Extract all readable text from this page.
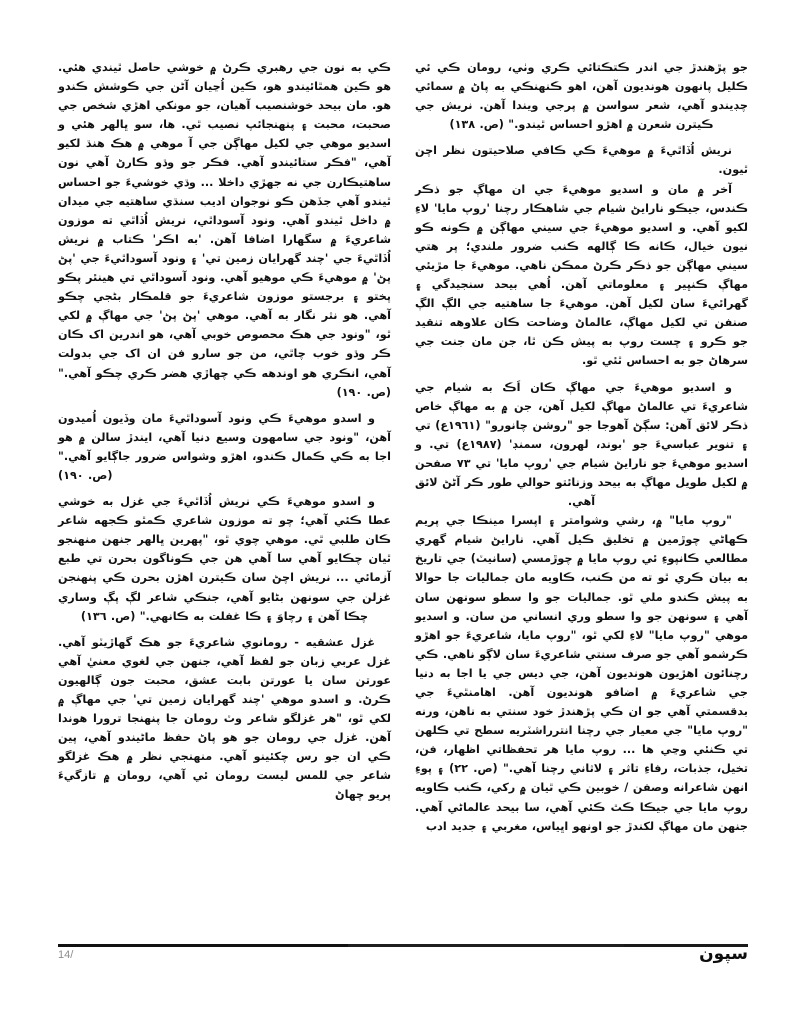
ڪي به نون جي رهبري ڪرڻ ۾ خوشي حاصل ٿيندي هئي. هو ڪين همٿائيندو هو، ڪين اُڃيان آڻن جي ڪوشش ڪندو هو. مان بيحد خوشنصيب آهيان، جو مونکي اهڙي شخص جي صحبت، محبت ۽ پنهنجائپ نصيب ٿي. ها، سو ڀالهر هئي و اسديو موهي جي لکيل مهاڳن جي آ موهي ۾ هڪ هنڌ لکيو آهي، "فڪر ستائيندو آهي. فڪر جو وڌو ڪارڻ آهي نون ساهتيڪارن جي نه جهڙي داخلا ... وڌي خوشيءَ جو احساس ٿيندو آهي جڏهن ڪو نوجوان اديب سنڌي ساهتيه جي ميدان ۾ داخل ٿيندو آهي. ونود آسوداٿي، نريش اُڏاٿي ته موزون شاعريءَ ۾ سگهارا اضافا آهن. 'به اڪر' ڪتاب ۾ نريش اُڏاٿيءَ جي 'چند گهرايان زمين تي' ۽ ونود آسوداٿيءَ جي 'پڻ پڻ' ۾ موهيءَ ڪي موهيو آهي. ونود آسوداٿي تي هينئر پڪو پختو ۽ برجستو موزون شاعريءَ جو قلمڪار بڻجي چڪو آهي. هو نثر نگار به آهي. موهي 'پڻ پڻ' جي مهاڳ ۾ لکي ٿو، "ونود جي هڪ محصوص خوبي آهي، هو اندرين اک ڪان ڪر وڌو خوب چاٿي، من جو سارو فن ان اک جي بدولت آهي، انڪري هو اوندهه ڪي چهاڙي هضر ڪري چڪو آهي." (ص. ١٩٠)

و اسدو موهيءَ ڪي ونود آسوداٿيءَ مان وڏيون اُميدون آهن، "ونود جي سامهون وسيع دنيا آهي، ايندڙ سالن ۾ هو اجا به ڪي ڪمال ڪندو، اهڙو وشواس ضرور جاڳايو آهي." (ص. ١٩٠)

و اسدو موهيءَ ڪي نريش اُڏاٿيءَ جي غزل به خوشي عطا ڪئي آهي؛ چو ته موزون شاعري ڪمٿو ڪجهه شاعر ڪان طلبي ٿي. موهي چوي ٿو، "پهرين ڀالهر جنهن منهنجو ٿيان چڪايو آهي سا آهي هن جي ڪوناگون بحرن تي طبع آزمائي ... نريش اچڻ سان ڪيترن اهڙن بحرن ڪي پنهنجن غزلن جي سونهن بڻايو آهي، جنڪي شاعر لڳ پڳ وساري چڪا آهن ۽ رچاوَ ۽ ڪا غفلت به ڪانهي." (ص. ١٣٦)

غزل عشقيه - رومانوي شاعريءَ جو هڪ گهاڙيٽو آهي. غزل عربي زبان جو لفظ آهي، جنهن جي لغوي معنيٰ آهي عورتن سان يا عورتن بابت عشق، محبت جون ڳالهيون ڪرڻ. و اسدو موهي 'چند گهرايان زمين تي' جي مهاڳ ۾ لکي ٿو، "هر غزلگو شاعر وٽ رومان جا پنهنجا ترورا هوندا آهن. غزل جي رومان جو هو پاڻ حفظ ماڻيندو آهي، پين ڪي ان جو رس چکئينو آهي. منهنجي نظر ۾ هڪ غزلگو شاعر جي للمس ليست رومان ئي آهي، رومان ۾ تازگيءَ پريو چهاڻ

جو پڙهندڙ جي اندر ڪتڪتائي ڪري وٺي، رومان ڪي ئي ڪليل پانهون هونديون آهن، اهو ڪنهنڪي به پاڻ ۾ سمائي چڊيندو آهي، شعر سواسن ۾ پرجي ويندا آهن. نريش جي ڪيترن شعرن ۾ اهڙو احساس ٿيندو." (ص. ١٣٨)

نريش اُڏاٿيءَ ۾ موهيءَ ڪي ڪافي صلاحيتون نظر اچن ٿيون.

آخر ۾ مان و اسديو موهيءَ جي ان مهاڳ جو ذڪر ڪندس، جيڪو نارايڻ شيام جي شاهڪار رچنا 'روپ مايا' لاءِ لکيو آهي. و اسديو موهيءَ جي سيني مهاڳن ۾ ڪونه ڪو نيون خيال، ڪانه ڪا ڳالهه ڪنب ضرور ملندي؛ پر هتي سيني مهاڳن جو ذڪر ڪرڻ ممڪن ناهي. موهيءَ جا مڙيئي مهاڳ ڪنڀير ۽ معلوماتي آهن. اُهي بيحد سنجيدگي ۽ گهرائيءَ سان لکيل آهن. موهيءَ جا ساهتيه جي الڳ الڳ صنفن تي لکيل مهاڳ، عالماڻ وضاحت ڪان علاوهه تنقيد جو ڪرو ۽ چست روپ به پيش ڪن ٿا، جن مان جنت جي سرهاڻ جو به احساس ٿئي ٿو.

و اسديو موهيءَ جي مهاڳ ڪان اَڪ به شيام جي شاعريءَ تي عالماڻ مهاڳ لکيل آهن، جن ۾ به مهاڳ خاص ذڪر لائق آهن: سڳڻ آهوجا جو "روشن چانورو" (١٩٦١ع) تي ۽ تنوير عباسيءَ جو 'بوند، لهرون، سمنڊ' (١٩٨٧ع) تي. و اسديو موهيءَ جو نارايڻ شيام جي 'روپ مايا' تي ٧٣ صفحن ۾ لکيل طويل مهاڳ به بيحد وزنائتو حوالي طور ڪر آڻڻ لائق آهي.

"روپ مايا" ۾، رشي وشوامتر ۽ اپسرا مينڪا جي پريم ڪهاڻي چوڙمين ۾ تخليق ڪيل آهي. نارايڻ شيام گهري مطالعي ڪانپوءِ ئي روپ مايا ۾ چوڙمسي (سانيٽ) جي تاريخ به بيان ڪري ٿو ته من ڪنب، ڪاويه مان جماليات جا حوالا به پيش ڪندو ملي ٿو. جماليات جو وا سطو سونهن سان آهي ۽ سونهن جو وا سطو وري انساني من سان. و اسديو موهي "روپ مايا" لاءِ لکي ٿو، "روپ مايا، شاعريءَ جو اهڙو ڪرشمو آهي جو صرف سنتي شاعريءَ سان لاڳو ناهي. ڪي رچنائون اهڙيون هونديون آهن، جي ديس جي يا اجا به دنيا جي شاعريءَ ۾ اضافو هونديون آهن. اهامنٿيءَ جي بدقسمتي آهي جو ان ڪي پڙهندڙ خود سنتي به ناهن، ورنه "روپ مايا" جي معيار جي رچنا انترراشٽريه سطح تي ڪلهن تي ڪنئي وڃي ها ... روپ مايا هر تحفظاتي اظهار، فن، تخيل، جذبات، رفاءِ تاثر ۽ لاثاني رچنا آهي." (ص. ٢٢) ۽ پوءِ انهن شاعرانه وصفن / خوبين ڪي ٿيان ۾ رکي، ڪنب ڪاويه روپ مايا جي جيڪا ڪٿ ڪئي آهي، سا بيحد عالماڻي آهي. جنهن مان مهاڳ لکندڙ جو اونهو اڀياس، مغربي ۽ جديد ادب

14/	سپون
